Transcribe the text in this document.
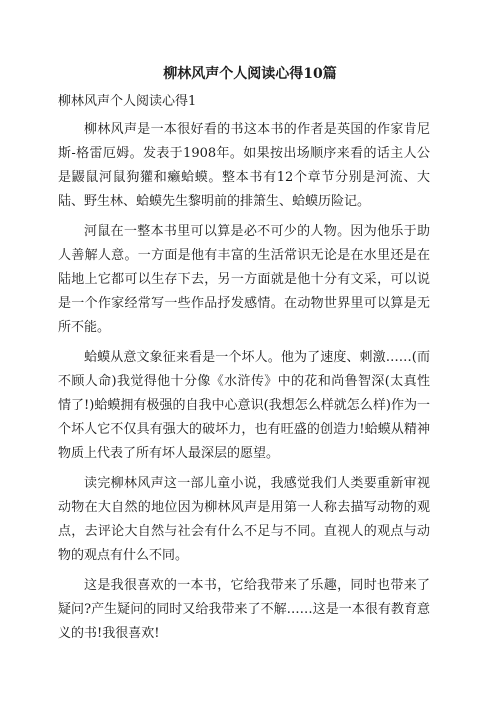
柳林风声个人阅读心得10篇
柳林风声个人阅读心得1

柳林风声是一本很好看的书这本书的作者是英国的作家肯尼斯-格雷厄姆。发表于1908年。如果按出场顺序来看的话主人公是鼹鼠河鼠狗獾和癞蛤蟆。整本书有12个章节分别是河流、大陆、野生林、蛤蟆先生黎明前的排箫生、蛤蟆历险记。

河鼠在一整本书里可以算是必不可少的人物。因为他乐于助人善解人意。一方面是他有丰富的生活常识无论是在水里还是在陆地上它都可以生存下去，另一方面就是他十分有文采，可以说是一个作家经常写一些作品抒发感情。在动物世界里可以算是无所不能。

蛤蟆从意文象征来看是一个坏人。他为了速度、刺激……(而不顾人命)我觉得他十分像《水浒传》中的花和尚鲁智深(太真性情了!)蛤蟆拥有极强的自我中心意识(我想怎么样就怎么样)作为一个坏人它不仅具有强大的破坏力，也有旺盛的创造力!蛤蟆从精神物质上代表了所有坏人最深层的愿望。

读完柳林风声这一部儿童小说，我感觉我们人类要重新审视动物在大自然的地位因为柳林风声是用第一人称去描写动物的观点，去评论大自然与社会有什么不足与不同。直视人的观点与动物的观点有什么不同。

这是我很喜欢的一本书，它给我带来了乐趣，同时也带来了疑问?产生疑问的同时又给我带来了不解……这是一本很有教育意义的书!我很喜欢!
